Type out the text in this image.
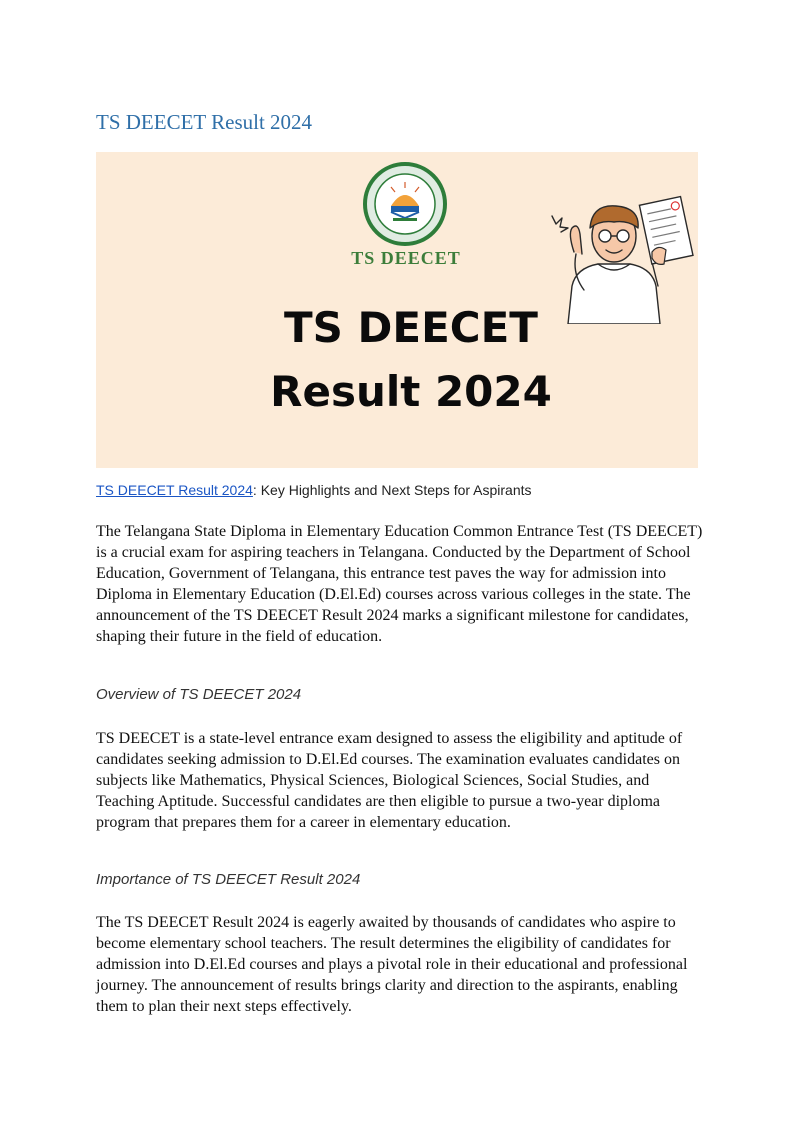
TS DEECET Result 2024
TS DEECET
TS DEECET
Result 2024
TS DEECET Result 2024: Key Highlights and Next Steps for Aspirants

The Telangana State Diploma in Elementary Education Common Entrance Test (TS DEECET) is a crucial exam for aspiring teachers in Telangana. Conducted by the Department of School Education, Government of Telangana, this entrance test paves the way for admission into Diploma in Elementary Education (D.El.Ed) courses across various colleges in the state. The announcement of the TS DEECET Result 2024 marks a significant milestone for candidates, shaping their future in the field of education.

Overview of TS DEECET 2024

TS DEECET is a state-level entrance exam designed to assess the eligibility and aptitude of candidates seeking admission to D.El.Ed courses. The examination evaluates candidates on subjects like Mathematics, Physical Sciences, Biological Sciences, Social Studies, and Teaching Aptitude. Successful candidates are then eligible to pursue a two-year diploma program that prepares them for a career in elementary education.

Importance of TS DEECET Result 2024

The TS DEECET Result 2024 is eagerly awaited by thousands of candidates who aspire to become elementary school teachers. The result determines the eligibility of candidates for admission into D.El.Ed courses and plays a pivotal role in their educational and professional journey. The announcement of results brings clarity and direction to the aspirants, enabling them to plan their next steps effectively.
